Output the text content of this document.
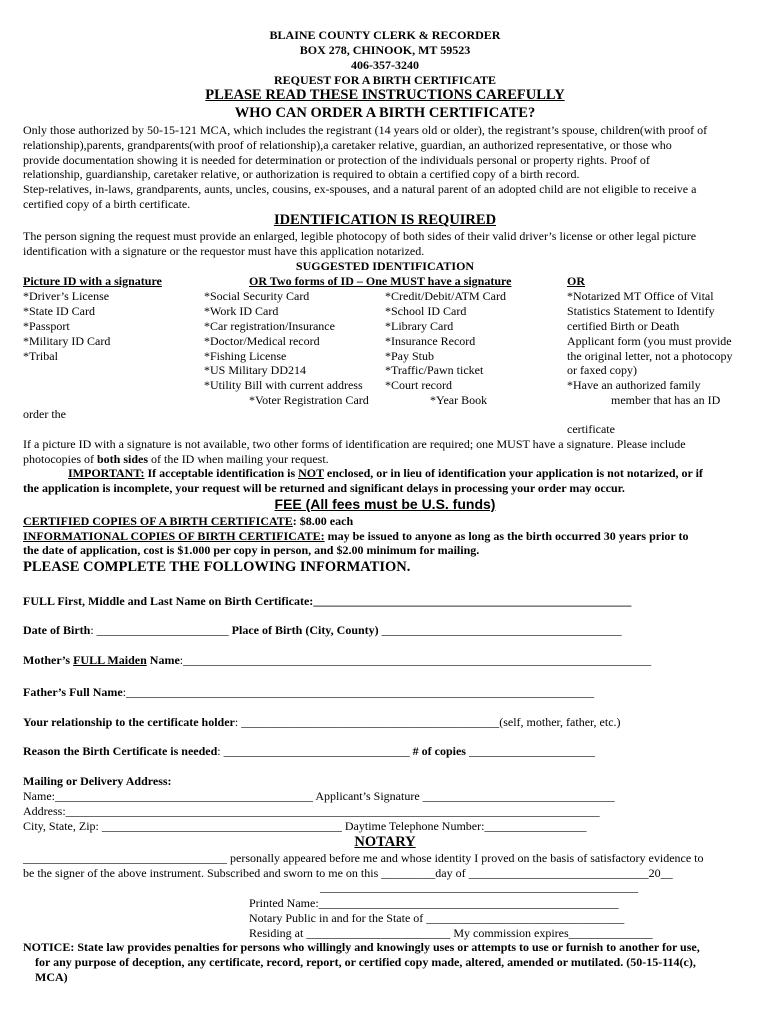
BLAINE COUNTY CLERK & RECORDER
BOX 278, CHINOOK, MT 59523
406-357-3240
REQUEST FOR A BIRTH CERTIFICATE
PLEASE READ THESE INSTRUCTIONS CAREFULLY
WHO CAN ORDER A BIRTH CERTIFICATE?
Only those authorized by 50-15-121 MCA, which includes the registrant (14 years old or older), the registrant’s spouse, children(with proof of
relationship),parents, grandparents(with proof of relationship),a caretaker relative, guardian, an authorized representative, or those who
provide documentation showing it is needed for determination or protection of the individuals personal or property rights. Proof of
relationship, guardianship, caretaker relative, or authorization is required to obtain a certified copy of a birth record.
Step-relatives, in-laws, grandparents, aunts, uncles, cousins, ex-spouses, and a natural parent of an adopted child are not eligible to receive a
certified copy of a birth certificate.
IDENTIFICATION IS REQUIRED
The person signing the request must provide an enlarged, legible photocopy of both sides of their valid driver’s license or other legal picture
identification with a signature or the requestor must have this application notarized.
SUGGESTED IDENTIFICATION
Picture ID with a signature	OR Two forms of ID – One MUST have a signature	OR
*Driver’s License
*State ID Card
*Passport
*Military ID Card
*Tribal
*Social Security Card
*Work ID Card
*Car registration/Insurance
*Doctor/Medical record
*Fishing License
*US Military DD214
*Utility Bill with current address
*Voter Registration Card
*Credit/Debit/ATM Card
*School ID Card
*Library Card
*Insurance Record
*Pay Stub
*Traffic/Pawn ticket
*Court record
*Year Book
*Notarized MT Office of Vital
Statistics Statement to Identify
certified Birth or Death
Applicant form (you must provide
the original letter, not a photocopy
or faxed copy)
*Have an authorized family
member that has an ID
order the
certificate
If a picture ID with a signature is not available, two other forms of identification are required; one MUST have a signature. Please include
photocopies of both sides of the ID when mailing your request.
IMPORTANT: If acceptable identification is NOT enclosed, or in lieu of identification your application is not notarized, or if
the application is incomplete, your request will be returned and significant delays in processing your order may occur.
FEE (All fees must be U.S. funds)
CERTIFIED COPIES OF A BIRTH CERTIFICATE: $8.00 each
INFORMATIONAL COPIES OF BIRTH CERTIFICATE: may be issued to anyone as long as the birth occurred 30 years prior to
the date of application, cost is $1.000 per copy in person, and $2.00 minimum for mailing.
PLEASE COMPLETE THE FOLLOWING INFORMATION.
FULL First, Middle and Last Name on Birth Certificate:_____________________________________________________
Date of Birth: ______________________ Place of Birth (City, County) ________________________________________
Mother’s FULL Maiden Name:______________________________________________________________________________
Father’s Full Name:______________________________________________________________________________
Your relationship to the certificate holder: ___________________________________________(self, mother, father, etc.)
Reason the Birth Certificate is needed: _______________________________ # of copies _____________________
Mailing or Delivery Address:
Name:___________________________________________ Applicant’s Signature ________________________________
Address:_________________________________________________________________________________________
City, State, Zip: ________________________________________ Daytime Telephone Number:_________________
NOTARY
__________________________________ personally appeared before me and whose identity I proved on the basis of satisfactory evidence to
be the signer of the above instrument. Subscribed and sworn to me on this _________day of ______________________________20__
_____________________________________________________
Printed Name:__________________________________________________
Notary Public in and for the State of _________________________________
Residing at ________________________ My commission expires______________
NOTICE: State law provides penalties for persons who willingly and knowingly uses or attempts to use or furnish to another for use,
for any purpose of deception, any certificate, record, report, or certified copy made, altered, amended or mutilated. (50-15-114(c),
MCA)
